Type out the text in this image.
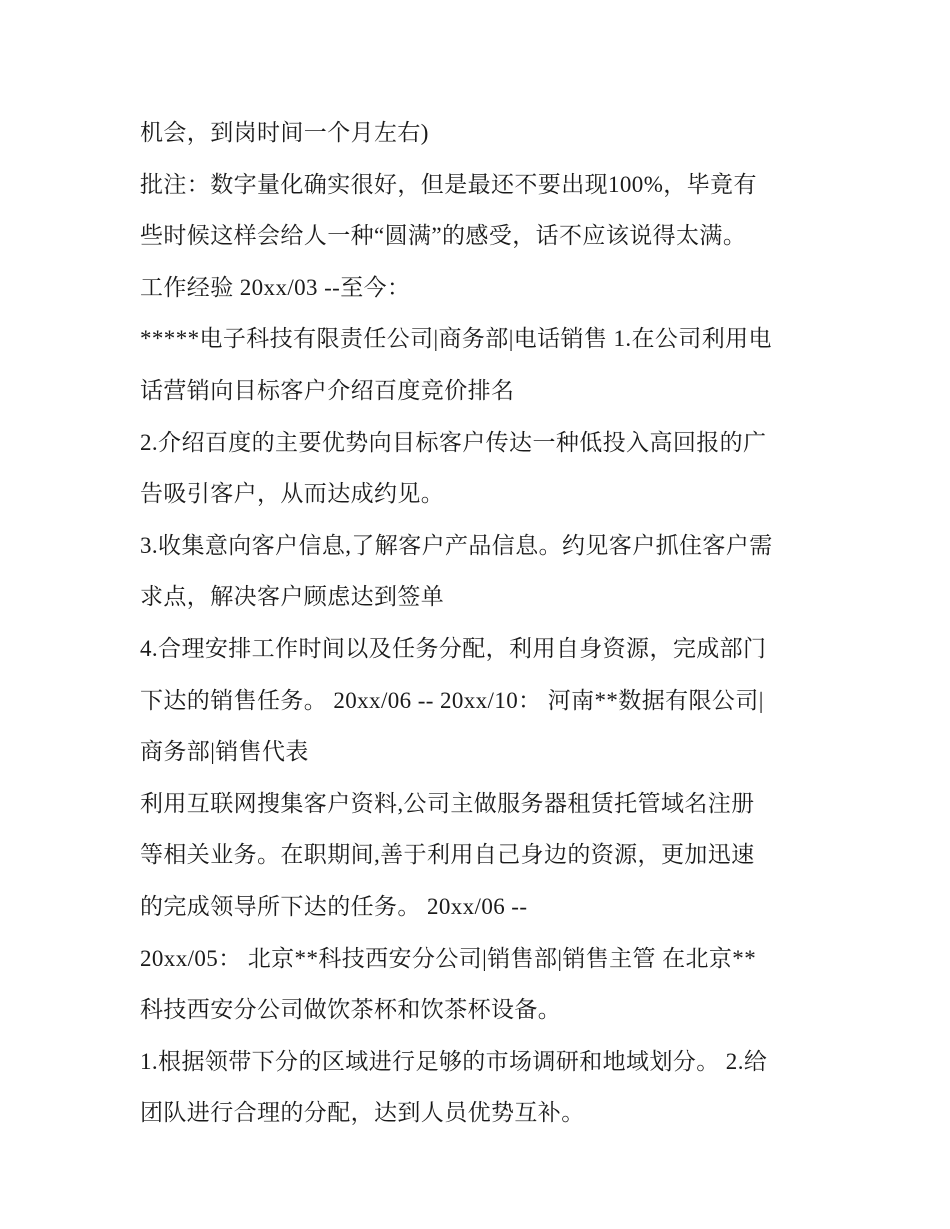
机会，到岗时间一个月左右)
批注：数字量化确实很好，但是最还不要出现100%，毕竟有
些时候这样会给人一种“圆满”的感受，话不应该说得太满。
工作经验 20xx/03 --至今：
*****电子科技有限责任公司|商务部|电话销售 1.在公司利用电
话营销向目标客户介绍百度竞价排名
2.介绍百度的主要优势向目标客户传达一种低投入高回报的广
告吸引客户，从而达成约见。
3.收集意向客户信息,了解客户产品信息。约见客户抓住客户需
求点，解决客户顾虑达到签单
4.合理安排工作时间以及任务分配，利用自身资源，完成部门
下达的销售任务。 20xx/06 -- 20xx/10： 河南**数据有限公司|
商务部|销售代表
利用互联网搜集客户资料,公司主做服务器租赁托管域名注册
等相关业务。在职期间,善于利用自己身边的资源，更加迅速
的完成领导所下达的任务。 20xx/06 --
20xx/05： 北京**科技西安分公司|销售部|销售主管 在北京**
科技西安分公司做饮茶杯和饮茶杯设备。
1.根据领带下分的区域进行足够的市场调研和地域划分。 2.给
团队进行合理的分配，达到人员优势互补。
